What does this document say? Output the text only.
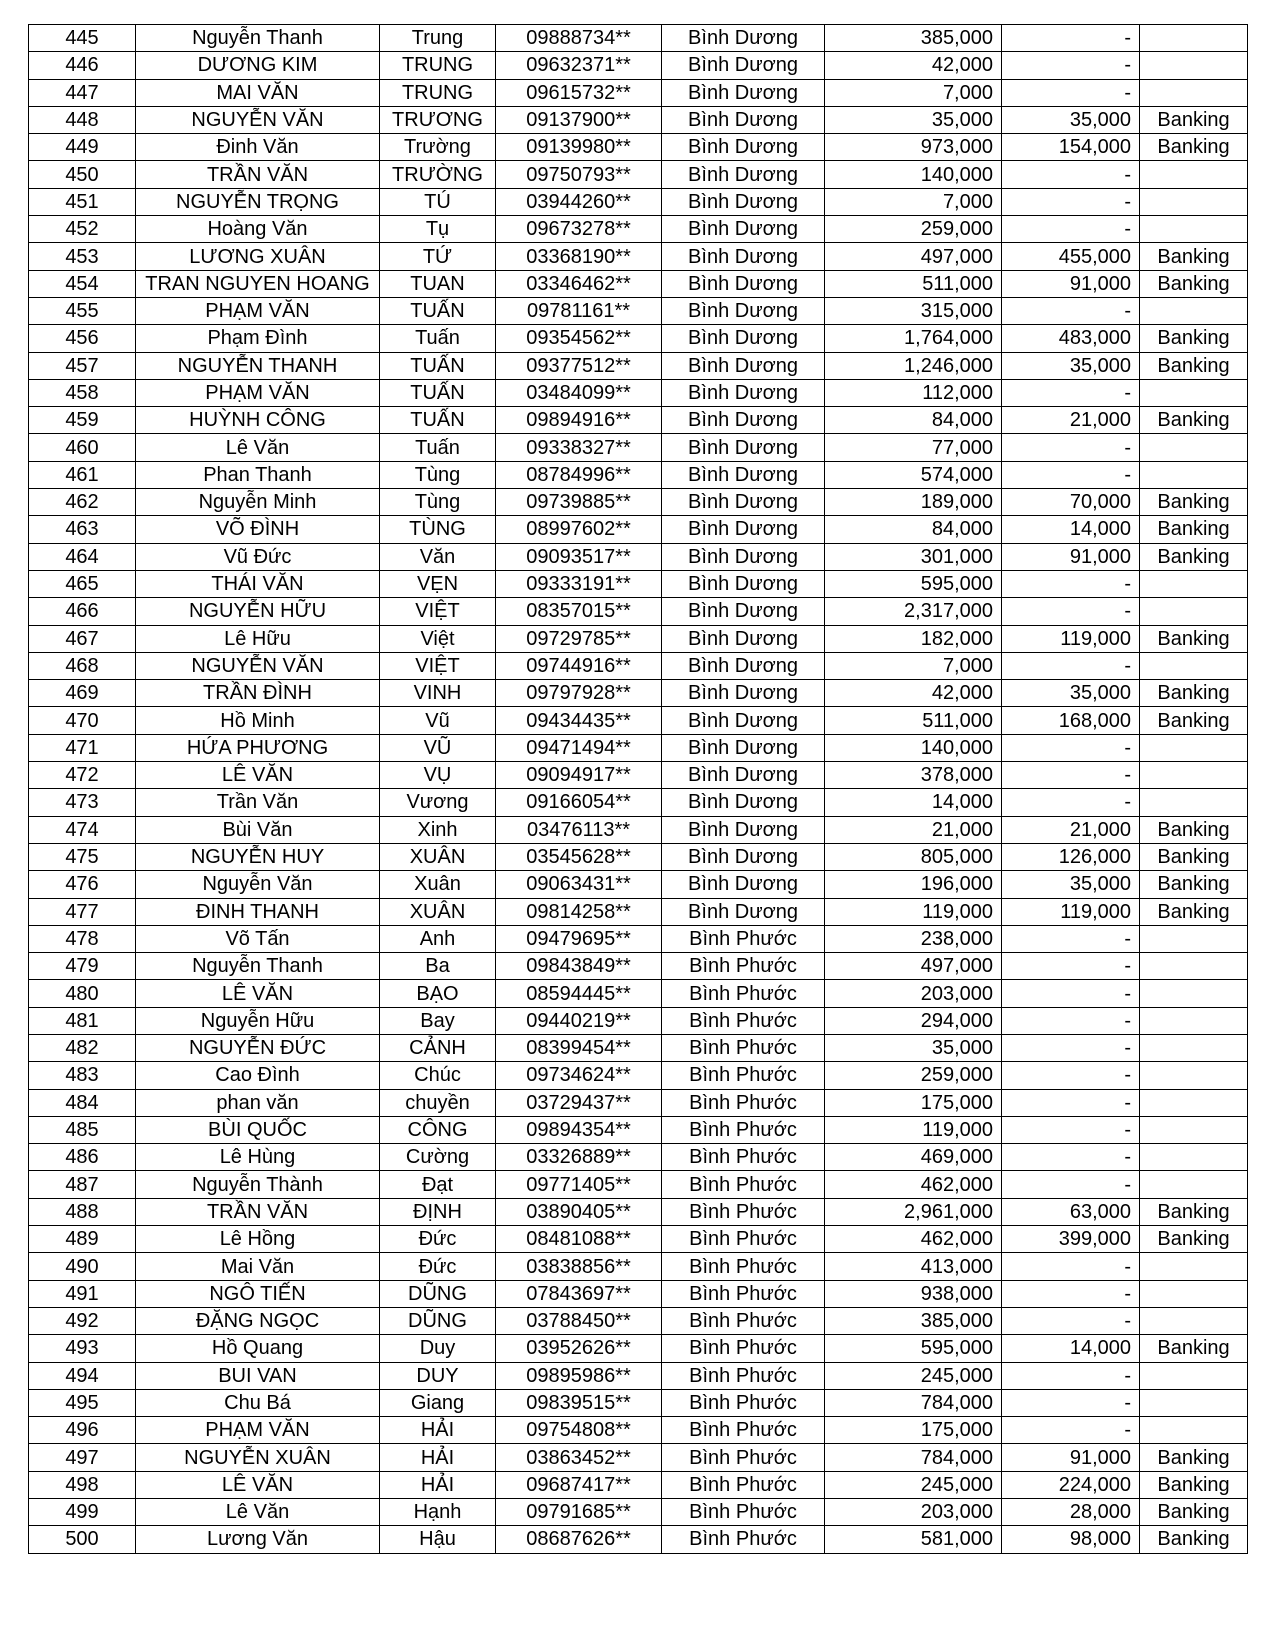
445	Nguyễn Thanh	Trung	09888734**	Bình Dương	385,000	-	
446	DƯƠNG KIM	TRUNG	09632371**	Bình Dương	42,000	-	
447	MAI VĂN	TRUNG	09615732**	Bình Dương	7,000	-	
448	NGUYỄN VĂN	TRƯƠNG	09137900**	Bình Dương	35,000	35,000	Banking
449	Đinh Văn	Trường	09139980**	Bình Dương	973,000	154,000	Banking
450	TRẦN VĂN	TRƯỜNG	09750793**	Bình Dương	140,000	-	
451	NGUYỄN TRỌNG	TÚ	03944260**	Bình Dương	7,000	-	
452	Hoàng Văn	Tụ	09673278**	Bình Dương	259,000	-	
453	LƯƠNG XUÂN	TỨ	03368190**	Bình Dương	497,000	455,000	Banking
454	TRAN NGUYEN HOANG	TUAN	03346462**	Bình Dương	511,000	91,000	Banking
455	PHẠM VĂN	TUẤN	09781161**	Bình Dương	315,000	-	
456	Phạm Đình	Tuấn	09354562**	Bình Dương	1,764,000	483,000	Banking
457	NGUYỄN THANH	TUẤN	09377512**	Bình Dương	1,246,000	35,000	Banking
458	PHẠM VĂN	TUẤN	03484099**	Bình Dương	112,000	-	
459	HUỲNH CÔNG	TUẤN	09894916**	Bình Dương	84,000	21,000	Banking
460	Lê Văn	Tuấn	09338327**	Bình Dương	77,000	-	
461	Phan Thanh	Tùng	08784996**	Bình Dương	574,000	-	
462	Nguyễn Minh	Tùng	09739885**	Bình Dương	189,000	70,000	Banking
463	VÕ ĐÌNH	TÙNG	08997602**	Bình Dương	84,000	14,000	Banking
464	Vũ Đức	Văn	09093517**	Bình Dương	301,000	91,000	Banking
465	THÁI VĂN	VẸN	09333191**	Bình Dương	595,000	-	
466	NGUYỄN HỮU	VIỆT	08357015**	Bình Dương	2,317,000	-	
467	Lê Hữu	Việt	09729785**	Bình Dương	182,000	119,000	Banking
468	NGUYỄN VĂN	VIỆT	09744916**	Bình Dương	7,000	-	
469	TRẦN ĐÌNH	VINH	09797928**	Bình Dương	42,000	35,000	Banking
470	Hồ Minh	Vũ	09434435**	Bình Dương	511,000	168,000	Banking
471	HỨA PHƯƠNG	VŨ	09471494**	Bình Dương	140,000	-	
472	LÊ VĂN	VỤ	09094917**	Bình Dương	378,000	-	
473	Trần Văn	Vương	09166054**	Bình Dương	14,000	-	
474	Bùi Văn	Xinh	03476113**	Bình Dương	21,000	21,000	Banking
475	NGUYỄN HUY	XUÂN	03545628**	Bình Dương	805,000	126,000	Banking
476	Nguyễn Văn	Xuân	09063431**	Bình Dương	196,000	35,000	Banking
477	ĐINH THANH	XUÂN	09814258**	Bình Dương	119,000	119,000	Banking
478	Võ Tấn	Anh	09479695**	Bình Phước	238,000	-	
479	Nguyễn Thanh	Ba	09843849**	Bình Phước	497,000	-	
480	LÊ VĂN	BẠO	08594445**	Bình Phước	203,000	-	
481	Nguyễn Hữu	Bay	09440219**	Bình Phước	294,000	-	
482	NGUYỄN ĐỨC	CẢNH	08399454**	Bình Phước	35,000	-	
483	Cao Đình	Chúc	09734624**	Bình Phước	259,000	-	
484	phan văn	chuyền	03729437**	Bình Phước	175,000	-	
485	BÙI QUỐC	CÔNG	09894354**	Bình Phước	119,000	-	
486	Lê Hùng	Cường	03326889**	Bình Phước	469,000	-	
487	Nguyễn Thành	Đạt	09771405**	Bình Phước	462,000	-	
488	TRẦN VĂN	ĐỊNH	03890405**	Bình Phước	2,961,000	63,000	Banking
489	Lê Hồng	Đức	08481088**	Bình Phước	462,000	399,000	Banking
490	Mai Văn	Đức	03838856**	Bình Phước	413,000	-	
491	NGÔ TIẾN	DŨNG	07843697**	Bình Phước	938,000	-	
492	ĐẶNG NGỌC	DŨNG	03788450**	Bình Phước	385,000	-	
493	Hồ Quang	Duy	03952626**	Bình Phước	595,000	14,000	Banking
494	BUI VAN	DUY	09895986**	Bình Phước	245,000	-	
495	Chu Bá	Giang	09839515**	Bình Phước	784,000	-	
496	PHẠM VĂN	HẢI	09754808**	Bình Phước	175,000	-	
497	NGUYỄN XUÂN	HẢI	03863452**	Bình Phước	784,000	91,000	Banking
498	LÊ VĂN	HẢI	09687417**	Bình Phước	245,000	224,000	Banking
499	Lê Văn	Hạnh	09791685**	Bình Phước	203,000	28,000	Banking
500	Lương Văn	Hậu	08687626**	Bình Phước	581,000	98,000	Banking
